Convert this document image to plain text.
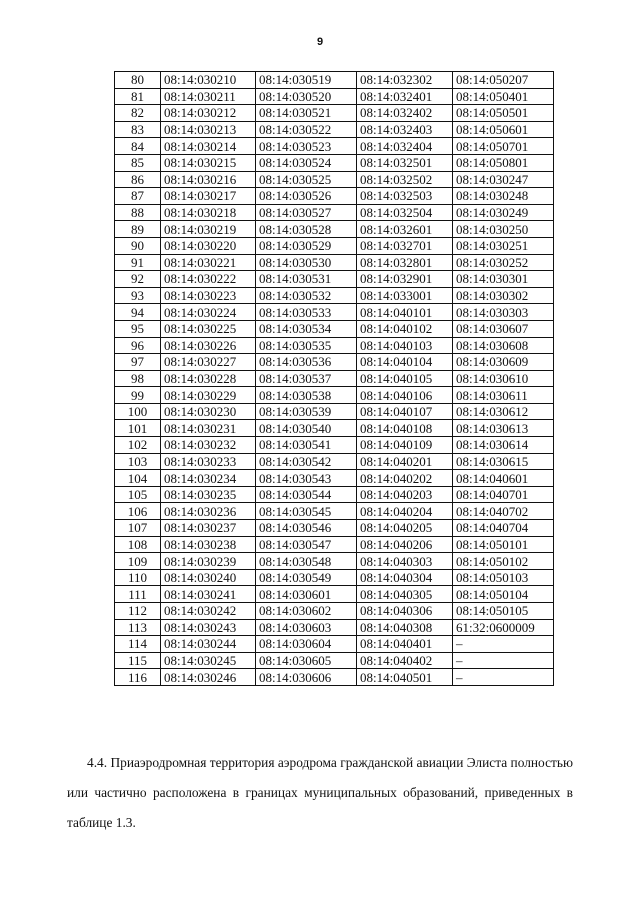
9
80	08:14:030210	08:14:030519	08:14:032302	08:14:050207
81	08:14:030211	08:14:030520	08:14:032401	08:14:050401
82	08:14:030212	08:14:030521	08:14:032402	08:14:050501
83	08:14:030213	08:14:030522	08:14:032403	08:14:050601
84	08:14:030214	08:14:030523	08:14:032404	08:14:050701
85	08:14:030215	08:14:030524	08:14:032501	08:14:050801
86	08:14:030216	08:14:030525	08:14:032502	08:14:030247
87	08:14:030217	08:14:030526	08:14:032503	08:14:030248
88	08:14:030218	08:14:030527	08:14:032504	08:14:030249
89	08:14:030219	08:14:030528	08:14:032601	08:14:030250
90	08:14:030220	08:14:030529	08:14:032701	08:14:030251
91	08:14:030221	08:14:030530	08:14:032801	08:14:030252
92	08:14:030222	08:14:030531	08:14:032901	08:14:030301
93	08:14:030223	08:14:030532	08:14:033001	08:14:030302
94	08:14:030224	08:14:030533	08:14:040101	08:14:030303
95	08:14:030225	08:14:030534	08:14:040102	08:14:030607
96	08:14:030226	08:14:030535	08:14:040103	08:14:030608
97	08:14:030227	08:14:030536	08:14:040104	08:14:030609
98	08:14:030228	08:14:030537	08:14:040105	08:14:030610
99	08:14:030229	08:14:030538	08:14:040106	08:14:030611
100	08:14:030230	08:14:030539	08:14:040107	08:14:030612
101	08:14:030231	08:14:030540	08:14:040108	08:14:030613
102	08:14:030232	08:14:030541	08:14:040109	08:14:030614
103	08:14:030233	08:14:030542	08:14:040201	08:14:030615
104	08:14:030234	08:14:030543	08:14:040202	08:14:040601
105	08:14:030235	08:14:030544	08:14:040203	08:14:040701
106	08:14:030236	08:14:030545	08:14:040204	08:14:040702
107	08:14:030237	08:14:030546	08:14:040205	08:14:040704
108	08:14:030238	08:14:030547	08:14:040206	08:14:050101
109	08:14:030239	08:14:030548	08:14:040303	08:14:050102
110	08:14:030240	08:14:030549	08:14:040304	08:14:050103
111	08:14:030241	08:14:030601	08:14:040305	08:14:050104
112	08:14:030242	08:14:030602	08:14:040306	08:14:050105
113	08:14:030243	08:14:030603	08:14:040308	61:32:0600009
114	08:14:030244	08:14:030604	08:14:040401	–
115	08:14:030245	08:14:030605	08:14:040402	–
116	08:14:030246	08:14:030606	08:14:040501	–
4.4. Приаэродромная территория аэродрома гражданской авиации Элиста полностью или частично расположена в границах муниципальных образований, приведенных в таблице 1.3.
